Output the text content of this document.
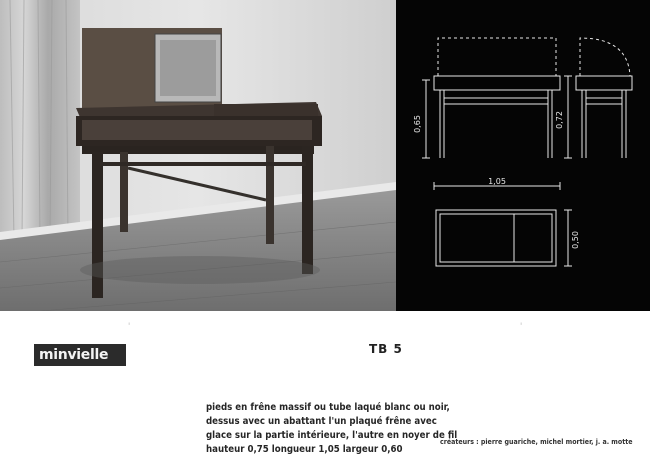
0,65	0,72
1,05
0,50
'	'
minvielle	TB 5
pieds en frêne massif ou tube laqué blanc ou noir,
dessus avec un abattant l'un plaqué frêne avec
glace sur la partie intérieure, l'autre en noyer de fil
hauteur 0,75 longueur 1,05 largeur 0,60
créateurs : pierre guariche, michel mortier, j. a. motte
